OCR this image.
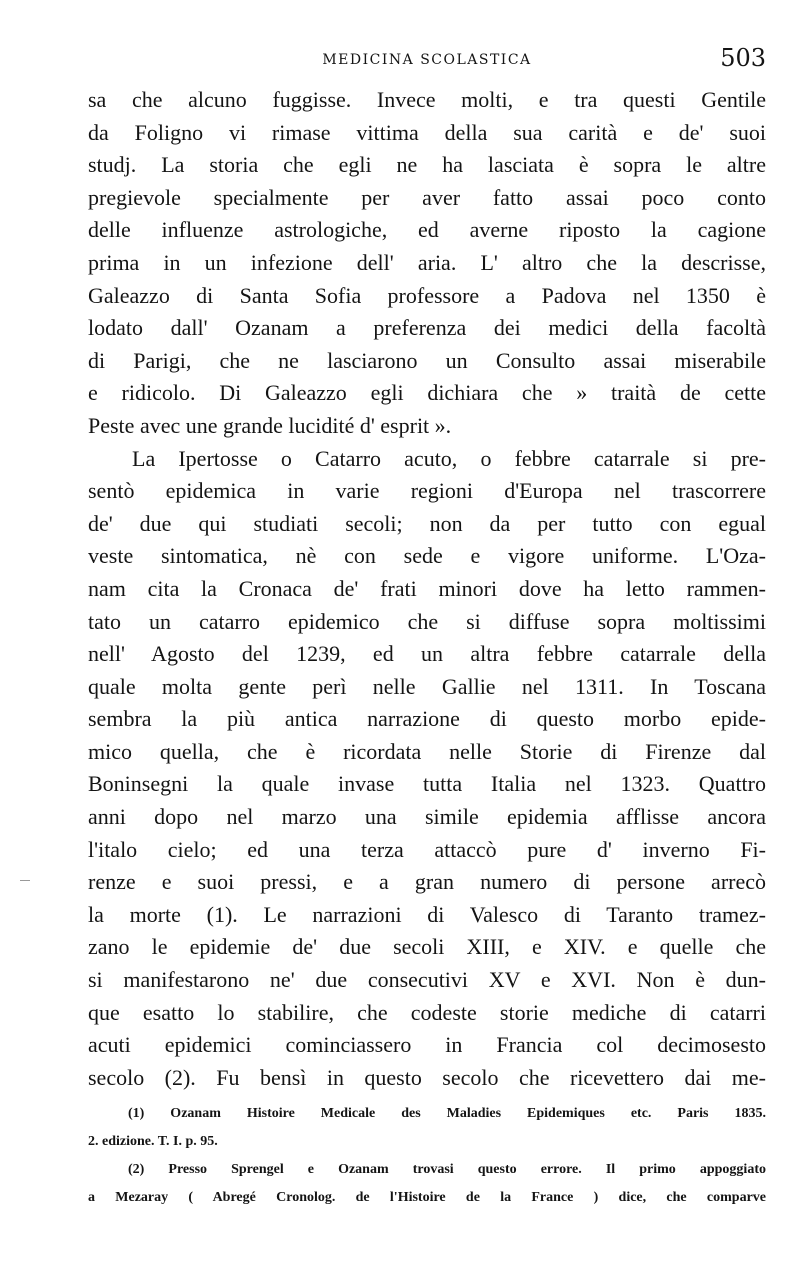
MEDICINA SCOLASTICA	503
sa che alcuno fuggisse. Invece molti, e tra questi Gentile
da Foligno vi rimase vittima della sua carità e de' suoi
studj. La storia che egli ne ha lasciata è sopra le altre
pregievole specialmente per aver fatto assai poco conto
delle influenze astrologiche, ed averne riposto la cagione
prima in un infezione dell' aria. L' altro che la descrisse,
Galeazzo di Santa Sofia professore a Padova nel 1350 è
lodato dall' Ozanam a preferenza dei medici della facoltà
di Parigi, che ne lasciarono un Consulto assai miserabile
e ridicolo. Di Galeazzo egli dichiara che » traità de cette
Peste avec une grande lucidité d' esprit ».
La Ipertosse o Catarro acuto, o febbre catarrale si pre-
sentò epidemica in varie regioni d'Europa nel trascorrere
de' due qui studiati secoli; non da per tutto con egual
veste sintomatica, nè con sede e vigore uniforme. L'Oza-
nam cita la Cronaca de' frati minori dove ha letto rammen-
tato un catarro epidemico che si diffuse sopra moltissimi
nell' Agosto del 1239, ed un altra febbre catarrale della
quale molta gente perì nelle Gallie nel 1311. In Toscana
sembra la più antica narrazione di questo morbo epide-
mico quella, che è ricordata nelle Storie di Firenze dal
Boninsegni la quale invase tutta Italia nel 1323. Quattro
anni dopo nel marzo una simile epidemia afflisse ancora
l'italo cielo; ed una terza attaccò pure d' inverno Fi-
renze e suoi pressi, e a gran numero di persone arrecò
la morte (1). Le narrazioni di Valesco di Taranto tramez-
zano le epidemie de' due secoli XIII, e XIV. e quelle che
si manifestarono ne' due consecutivi XV e XVI. Non è dun-
que esatto lo stabilire, che codeste storie mediche di catarri
acuti epidemici cominciassero in Francia col decimosesto
secolo (2). Fu bensì in questo secolo che ricevettero dai me-
(1) Ozanam Histoire Medicale des Maladies Epidemiques etc. Paris 1835.
2. edizione. T. I. p. 95.
(2) Presso Sprengel e Ozanam trovasi questo errore. Il primo appoggiato
a Mezaray ( Abregé Cronolog. de l'Histoire de la France ) dice, che comparve
